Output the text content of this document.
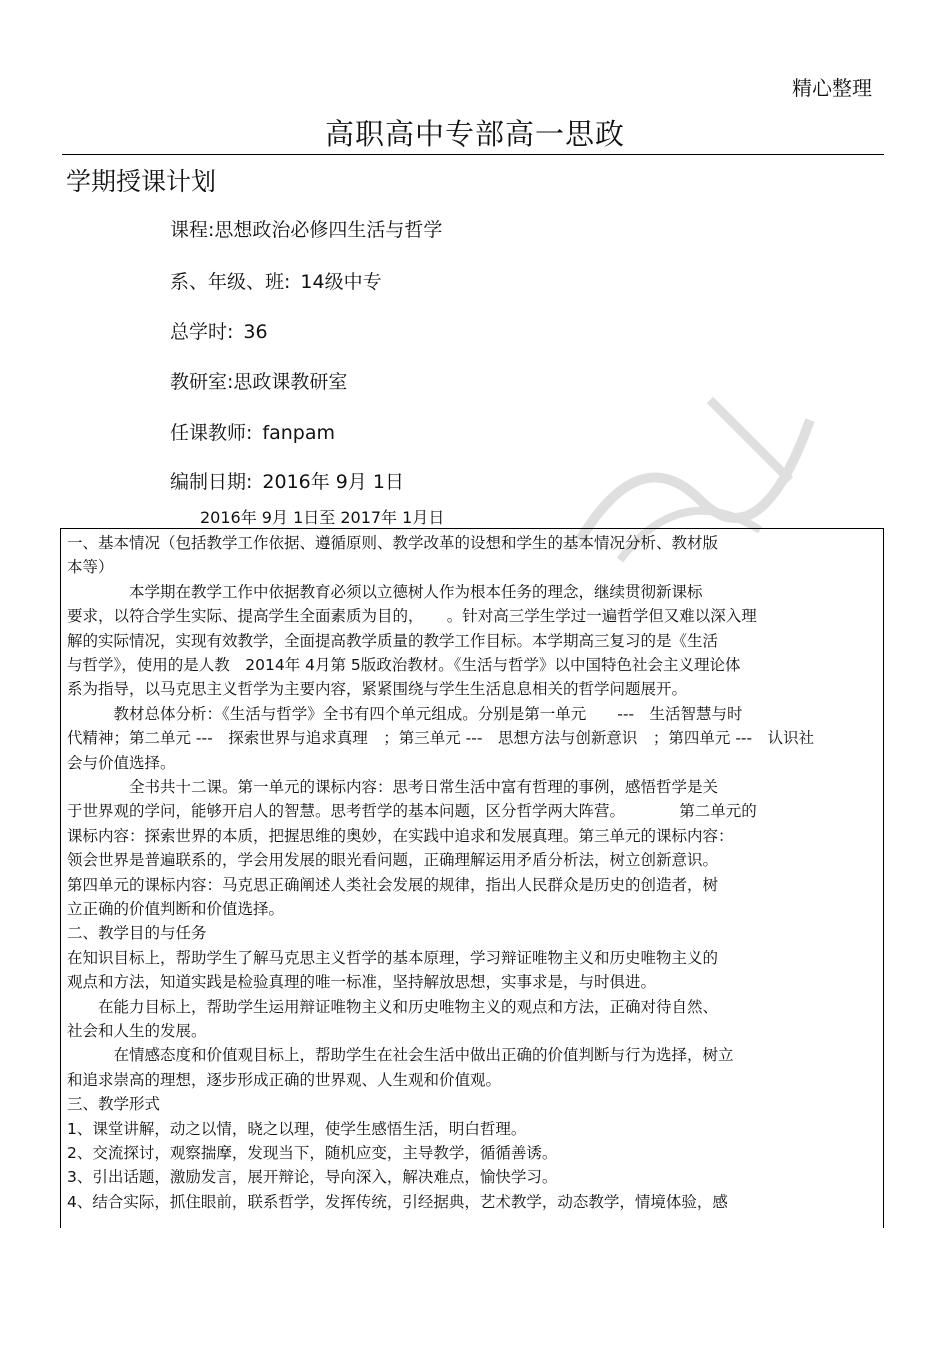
精心整理
高职高中专部高一思政
学期授课计划
课程:思想政治必修四生活与哲学
系、年级、班: 14级中专
总学时: 36
教研室:思政课教研室
任课教师: fanpam
编制日期: 2016年 9月 1日
2016年 9月 1日至 2017年 1月日
一、基本情况（包括教学工作依据、遵循原则、教学改革的设想和学生的基本情况分析、教材版
本等）
　　　　本学期在教学工作中依据教育必须以立德树人作为根本任务的理念，继续贯彻新课标
要求，以符合学生实际、提高学生全面素质为目的，　　。针对高三学生学过一遍哲学但又难以深入理
解的实际情况，实现有效教学，全面提高教学质量的教学工作目标。本学期高三复习的是《生活
与哲学》，使用的是人教　2014年 4月第 5版政治教材。《生活与哲学》以中国特色社会主义理论体
系为指导，以马克思主义哲学为主要内容，紧紧围绕与学生生活息息相关的哲学问题展开。
　　　教材总体分析：《生活与哲学》全书有四个单元组成。分别是第一单元　　---　生活智慧与时
代精神；第二单元 ---　探索世界与追求真理　；第三单元 ---　思想方法与创新意识　；第四单元 ---　认识社
会与价值选择。
　　　　全书共十二课。第一单元的课标内容：思考日常生活中富有哲理的事例，感悟哲学是关
于世界观的学问，能够开启人的智慧。思考哲学的基本问题，区分哲学两大阵营。　　　　第二单元的
课标内容：探索世界的本质，把握思维的奥妙，在实践中追求和发展真理。第三单元的课标内容：
领会世界是普遍联系的，学会用发展的眼光看问题，正确理解运用矛盾分析法，树立创新意识。
第四单元的课标内容：马克思正确阐述人类社会发展的规律，指出人民群众是历史的创造者，树
立正确的价值判断和价值选择。
二、教学目的与任务
在知识目标上，帮助学生了解马克思主义哲学的基本原理，学习辩证唯物主义和历史唯物主义的
观点和方法，知道实践是检验真理的唯一标准，坚持解放思想，实事求是，与时俱进。
　　在能力目标上，帮助学生运用辩证唯物主义和历史唯物主义的观点和方法，正确对待自然、
社会和人生的发展。
　　　在情感态度和价值观目标上，帮助学生在社会生活中做出正确的价值判断与行为选择，树立
和追求崇高的理想，逐步形成正确的世界观、人生观和价值观。
三、教学形式
1、课堂讲解，动之以情，晓之以理，使学生感悟生活，明白哲理。
2、交流探讨，观察揣摩，发现当下，随机应变，主导教学，循循善诱。
3、引出话题，激励发言，展开辩论，导向深入，解决难点，愉快学习。
4、结合实际，抓住眼前，联系哲学，发挥传统，引经据典，艺术教学，动态教学，情境体验，感
